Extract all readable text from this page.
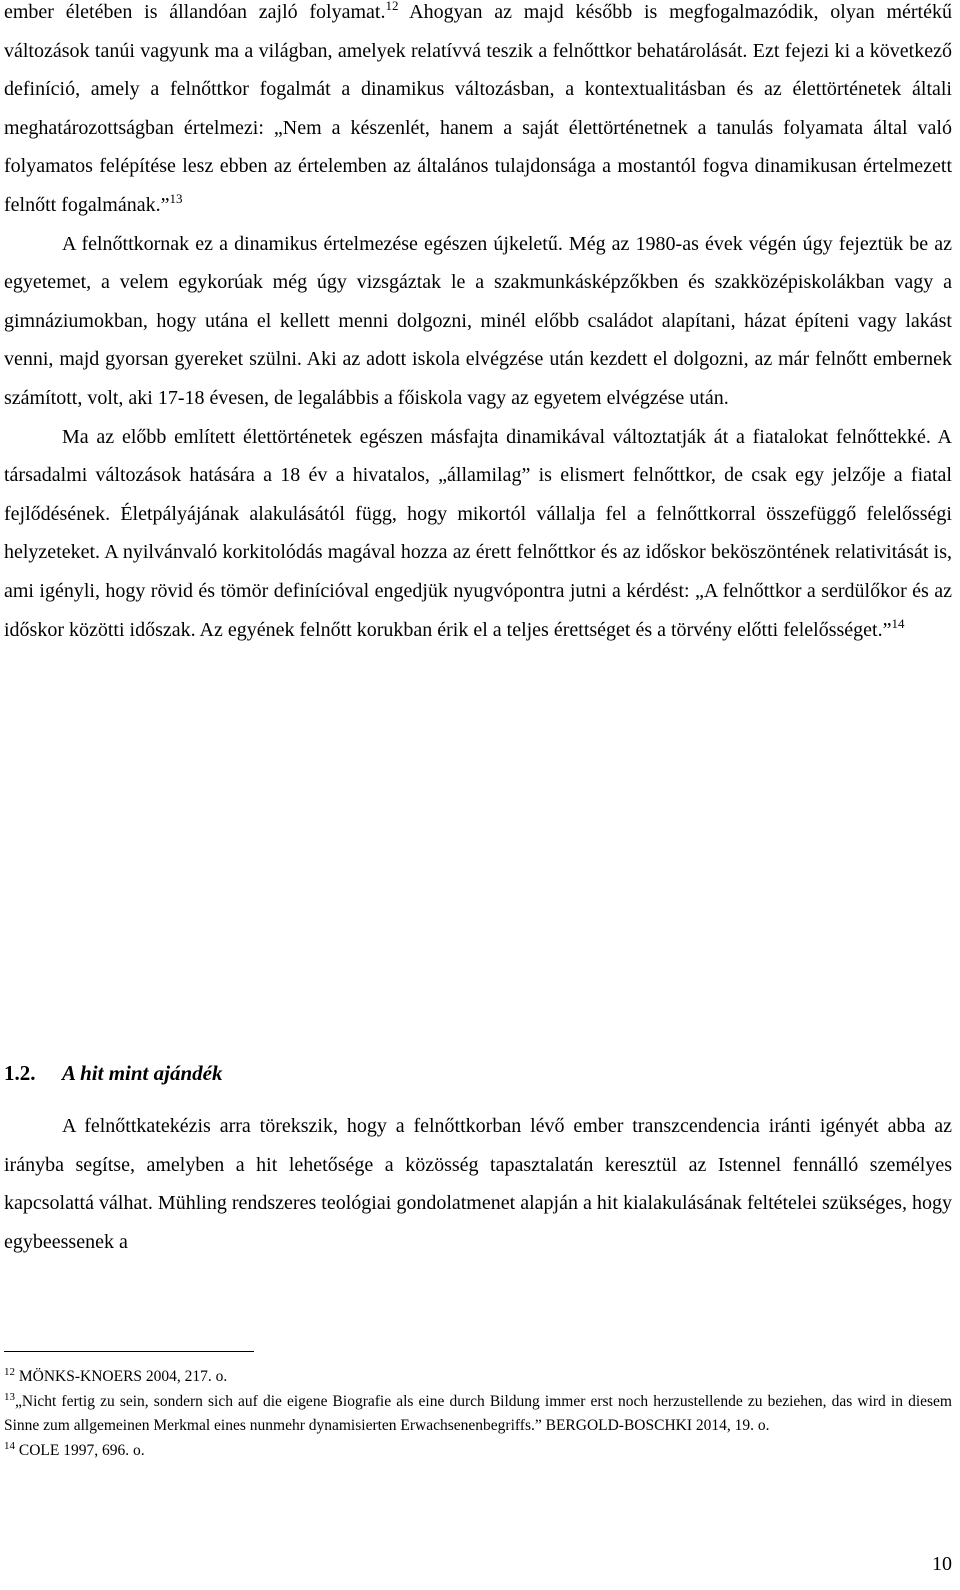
ember életében is állandóan zajló folyamat.$^{12}$ Ahogyan az majd később is megfogalmazódik, olyan mértékű változások tanúi vagyunk ma a világban, amelyek relatívvá teszik a felnőttkor behatárolását. Ezt fejezi ki a következő definíció, amely a felnőttkor fogalmát a dinamikus változásban, a kontextualitásban és az élettörténetek általi meghatározottságban értelmezi: „Nem a készenlét, hanem a saját élettörténetnek a tanulás folyamata által való folyamatos felépítése lesz ebben az értelemben az általános tulajdonsága a mostantól fogva dinamikusan értelmezett felnőtt fogalmának.”$^{13}$

A felnőttkornak ez a dinamikus értelmezése egészen újkeletű. Még az 1980-as évek végén úgy fejeztük be az egyetemet, a velem egykorúak még úgy vizsgáztak le a szakmunkásképzőkben és szakközépiskolákban vagy a gimnáziumokban, hogy utána el kellett menni dolgozni, minél előbb családot alapítani, házat építeni vagy lakást venni, majd gyorsan gyereket szülni. Aki az adott iskola elvégzése után kezdett el dolgozni, az már felnőtt embernek számított, volt, aki 17-18 évesen, de legalábbis a főiskola vagy az egyetem elvégzése után.

Ma az előbb említett élettörténetek egészen másfajta dinamikával változtatják át a fiatalokat felnőttekké. A társadalmi változások hatására a 18 év a hivatalos, „államilag” is elismert felnőttkor, de csak egy jelzője a fiatal fejlődésének. Életpályájának alakulásától függ, hogy mikortól vállalja fel a felnőttkorral összefüggő felelősségi helyzeteket. A nyilvánvaló korkitolódás magával hozza az érett felnőttkor és az időskor beköszöntének relativitását is, ami igényli, hogy rövid és tömör definícióval engedjük nyugvópontra jutni a kérdést: „A felnőttkor a serdülőkor és az időskor közötti időszak. Az egyének felnőtt korukban érik el a teljes érettséget és a törvény előtti felelősséget.”$^{14}$

1.2. A hit mint ajándék

A felnőttkatekézis arra törekszik, hogy a felnőttkorban lévő ember transzcendencia iránti igényét abba az irányba segítse, amelyben a hit lehetősége a közösség tapasztalatán keresztül az Istennel fennálló személyes kapcsolattá válhat. Mühling rendszeres teológiai gondolatmenet alapján a hit kialakulásának feltételei szükséges, hogy egybeessenek a

$^{12}$ MÖNKS-KNOERS 2004, 217. o.

$^{13}$„Nicht fertig zu sein, sondern sich auf die eigene Biografie als eine durch Bildung immer erst noch herzustellende zu beziehen, das wird in diesem Sinne zum allgemeinen Merkmal eines nunmehr dynamisierten Erwachsenenbegriffs.” BERGOLD-BOSCHKI 2014, 19. o.

$^{14}$ COLE 1997, 696. o.

10
